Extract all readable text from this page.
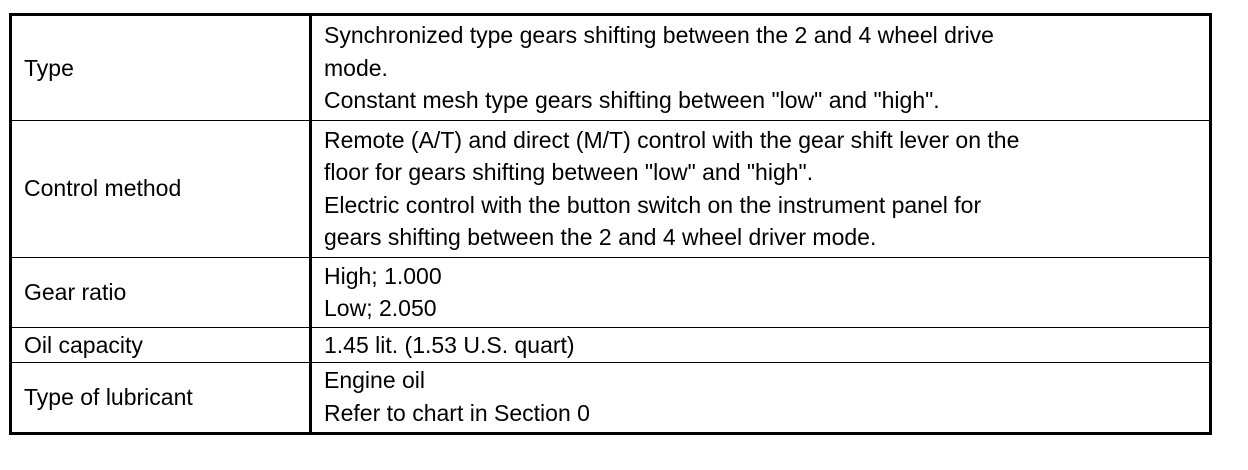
Type	Synchronized type gears shifting between the 2 and 4 wheel drive
mode.
Constant mesh type gears shifting between "low" and "high".

Control method	Remote (A/T) and direct (M/T) control with the gear shift lever on the
floor for gears shifting between "low" and "high".
Electric control with the button switch on the instrument panel for
gears shifting between the 2 and 4 wheel driver mode.

Gear ratio	High; 1.000
Low; 2.050

Oil capacity	1.45 lit. (1.53 U.S. quart)

Type of lubricant	Engine oil
Refer to chart in Section 0
